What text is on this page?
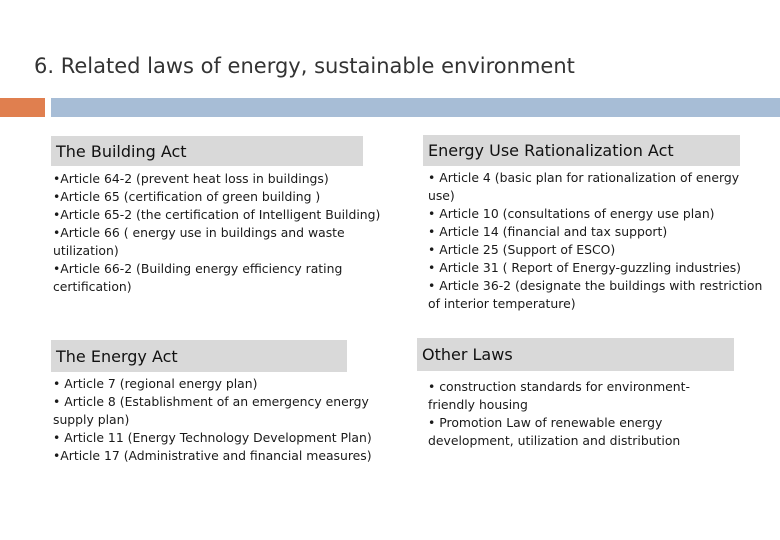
6. Related laws of energy, sustainable environment
The Building Act
•Article 64-2 (prevent heat loss in buildings)
•Article 65 (certification of green building )
•Article 65-2 (the certification of Intelligent Building)
•Article 66 ( energy use in buildings and waste utilization)
•Article 66-2 (Building energy efficiency rating certification)
Energy Use Rationalization Act
• Article 4 (basic plan for rationalization of energy use)
• Article 10 (consultations of energy use plan)
• Article 14 (financial and tax support)
• Article 25 (Support of ESCO)
• Article 31 ( Report of Energy-guzzling industries)
• Article 36-2 (designate the buildings with restriction of interior temperature)
The Energy Act
• Article 7 (regional energy plan)
• Article 8 (Establishment of an emergency energy supply plan)
• Article 11 (Energy Technology Development Plan)
•Article 17 (Administrative and financial measures)
Other Laws
• construction standards for environment-friendly housing
• Promotion Law of renewable energy development, utilization and distribution
